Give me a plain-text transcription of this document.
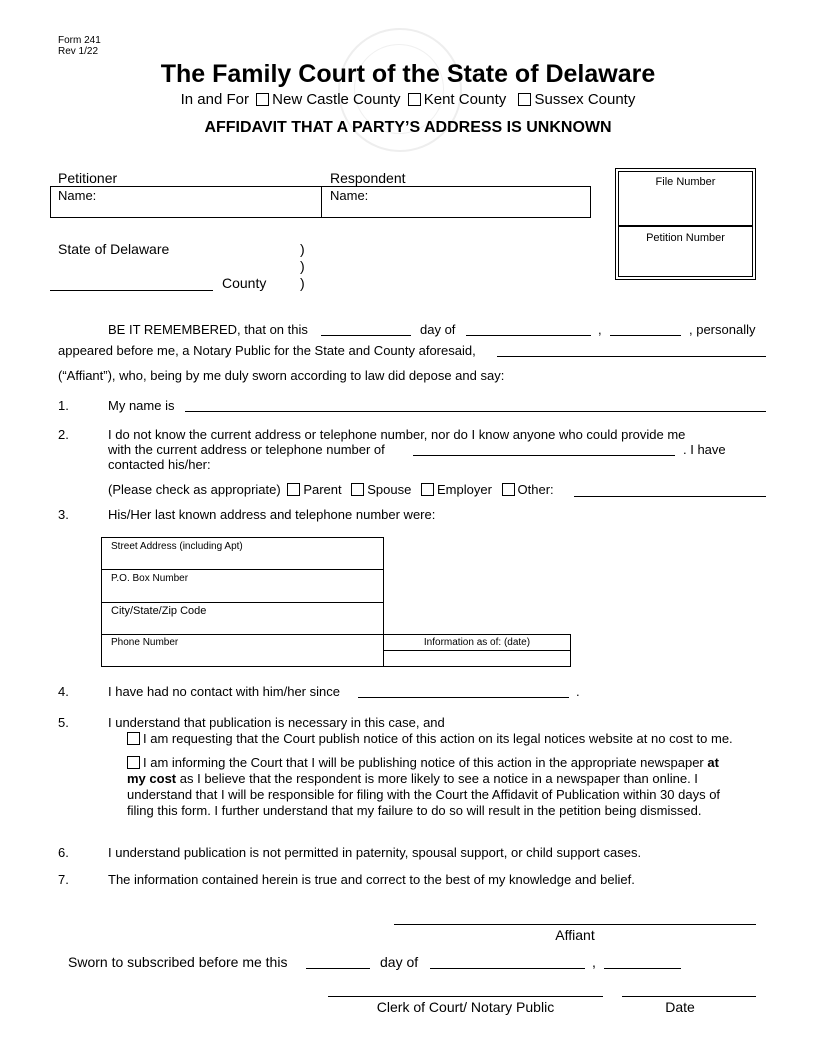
Form 241
Rev 1/22
The Family Court of the State of Delaware
In and For New Castle County Kent County Sussex County
AFFIDAVIT THAT A PARTY’S ADDRESS IS UNKNOWN
Petitioner	Respondent
Name:	Name:
File Number
Petition Number
State of Delaware	)
)
County )
BE IT REMEMBERED, that on this	day of	,	, personally
appeared before me, a Notary Public for the State and County aforesaid,
(“Affiant”), who, being by me duly sworn according to law did depose and say:
1.	My name is
2.	I do not know the current address or telephone number, nor do I know anyone who could provide me
with the current address or telephone number of	. I have
contacted his/her:
(Please check as appropriate) Parent Spouse Employer Other:
3.	His/Her last known address and telephone number were:
Street Address (including Apt)
P.O. Box Number
City/State/Zip Code
Phone Number	Information as of: (date)
4.	I have had no contact with him/her since	.
5.	I understand that publication is necessary in this case, and
I am requesting that the Court publish notice of this action on its legal notices website at no cost to me.
I am informing the Court that I will be publishing notice of this action in the appropriate newspaper at
my cost as I believe that the respondent is more likely to see a notice in a newspaper than online. I
understand that I will be responsible for filing with the Court the Affidavit of Publication within 30 days of
filing this form. I further understand that my failure to do so will result in the petition being dismissed.
6.	I understand publication is not permitted in paternity, spousal support, or child support cases.
7.	The information contained herein is true and correct to the best of my knowledge and belief.
Affiant
Sworn to subscribed before me this	day of	,
Clerk of Court/ Notary Public	Date
